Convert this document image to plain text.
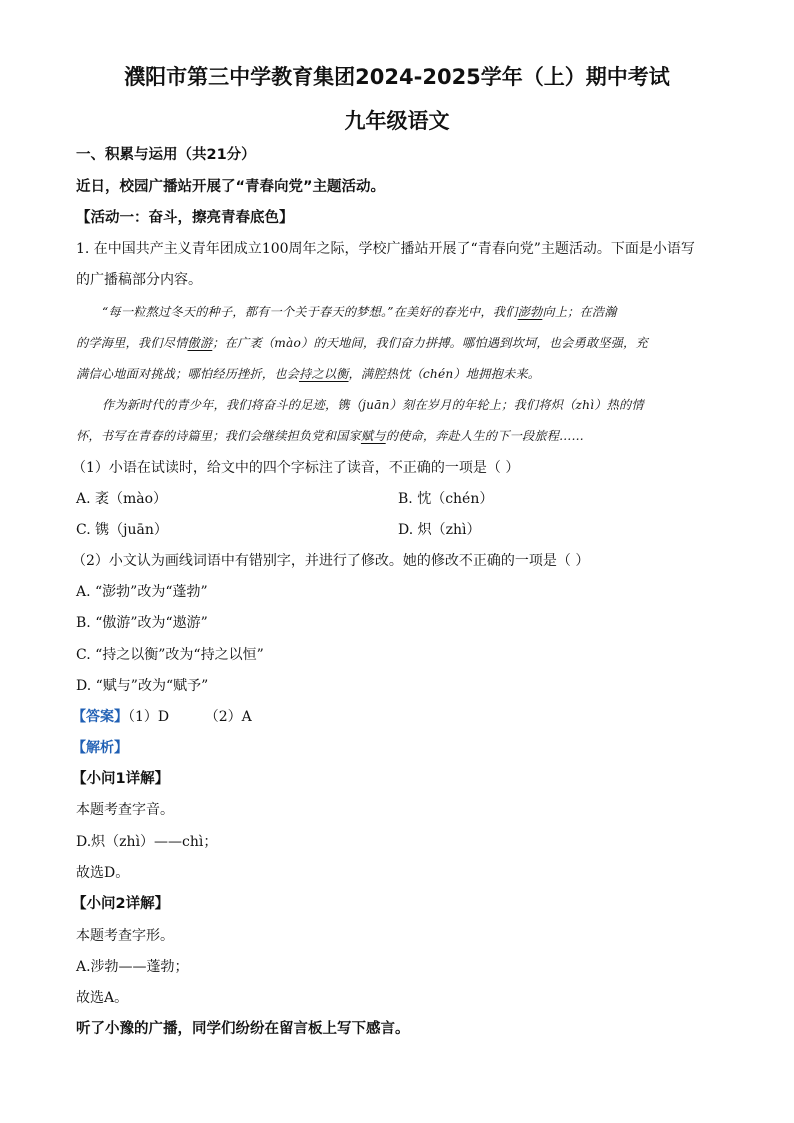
濮阳市第三中学教育集团2024-2025学年（上）期中考试
九年级语文
一、积累与运用（共21分）
近日，校园广播站开展了“青春向党”主题活动。
【活动一：奋斗，擦亮青春底色】
1. 在中国共产主义青年团成立100周年之际，学校广播站开展了“青春向党”主题活动。下面是小语写
的广播稿部分内容。
“每一粒熬过冬天的种子，都有一个关于春天的梦想。”在美好的春光中，我们澎勃向上；在浩瀚
的学海里，我们尽情傲游；在广袤（mào）的天地间，我们奋力拼搏。哪怕遇到坎坷，也会勇敢坚强，充
满信心地面对挑战；哪怕经历挫折，也会持之以衡，满腔热忱（chén）地拥抱未来。
作为新时代的青少年，我们将奋斗的足迹，镌（juān）刻在岁月的年轮上；我们将炽（zhì）热的情
怀，书写在青春的诗篇里；我们会继续担负党和国家赋与的使命，奔赴人生的下一段旅程……
（1）小语在试读时，给文中的四个字标注了读音，不正确的一项是（ ）
A. 袤（mào）	B. 忱（chén）
C. 镌（juān）	D. 炽（zhì）
（2）小文认为画线词语中有错别字，并进行了修改。她的修改不正确的一项是（ ）
A. “澎勃”改为“蓬勃”
B. “傲游”改为“遨游”
C. “持之以衡”改为“持之以恒”
D. “赋与”改为“赋予”
【答案】（1）D        （2）A
【解析】
【小问1详解】
本题考查字音。
D.炽（zhì）——chì；
故选D。
【小问2详解】
本题考查字形。
A.涉勃——蓬勃；
故选A。
听了小豫的广播，同学们纷纷在留言板上写下感言。
